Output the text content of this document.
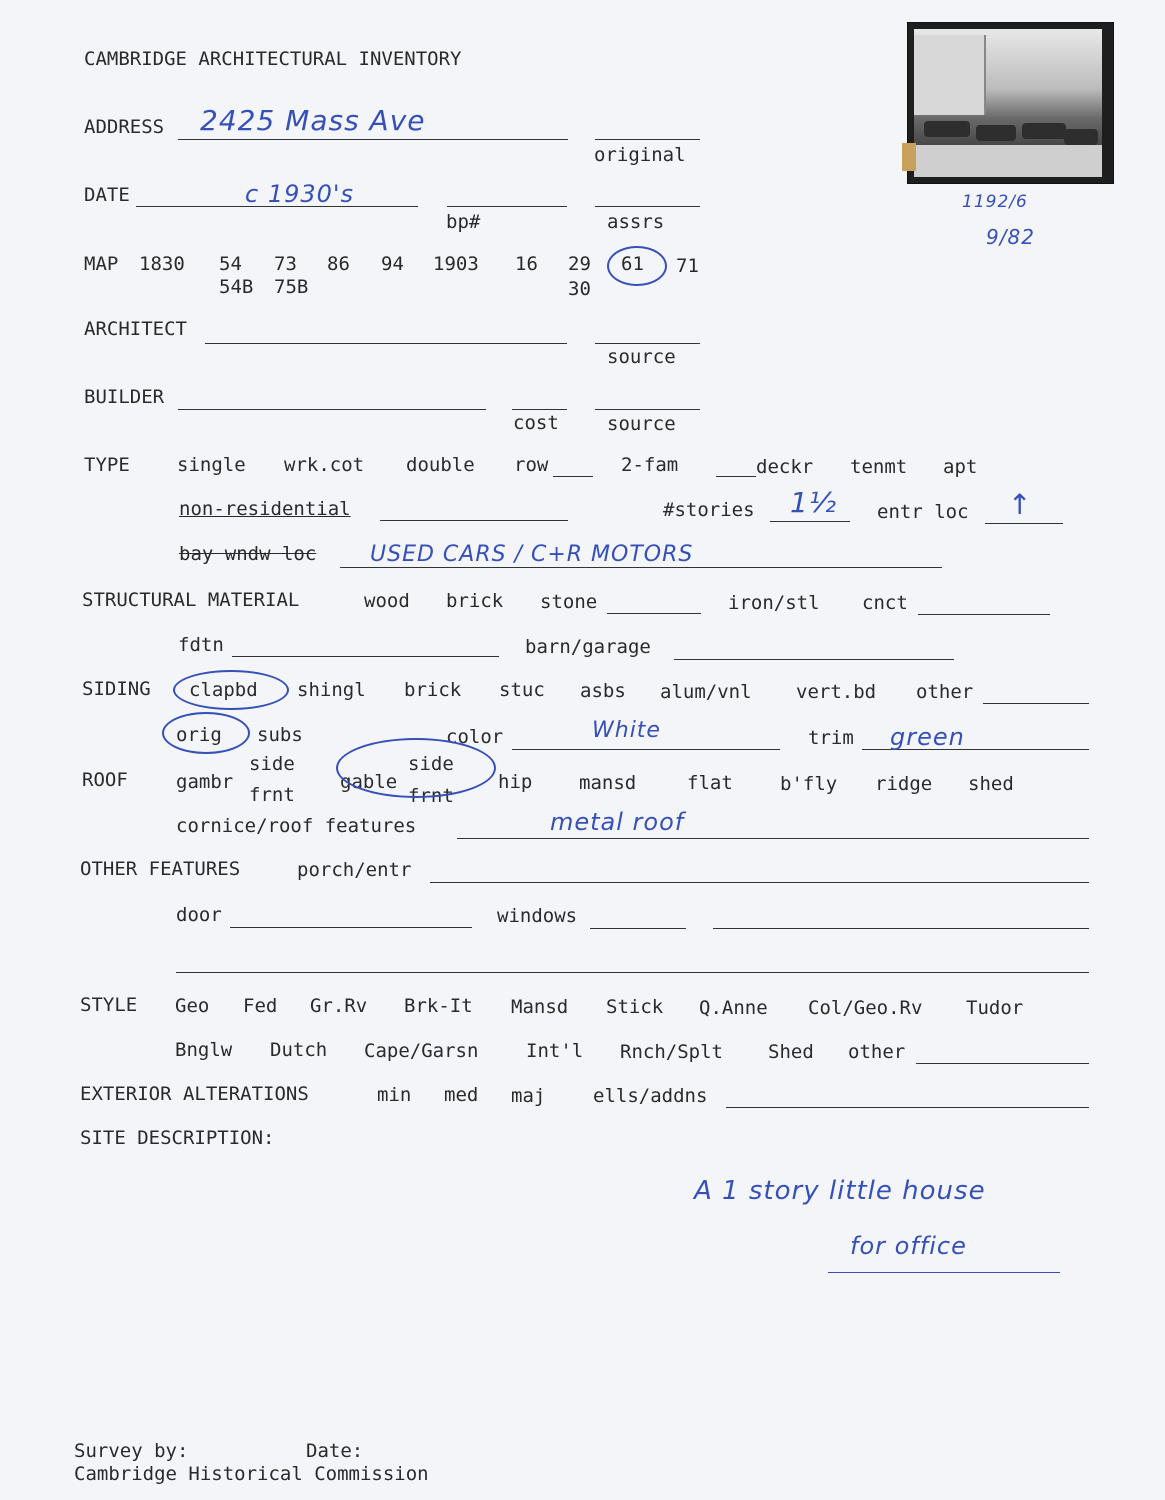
CAMBRIDGE ARCHITECTURAL INVENTORY
ADDRESS 2425 Mass Ave
original
1192/6
9/82
DATE	c 1930's
bp#	assrs
MAP 1830 54 73 86 94 1903 16 29 61 71
54B 75B	30
ARCHITECT
source
BUILDER
cost	source
TYPE single wrk.cot double row	2-fam	deckr tenmt apt
non-residential	#stories 1½ entr loc ↑
bay wndw loc USED CARS / C+R MOTORS
STRUCTURAL MATERIAL	wood brick stone	iron/stl cnct
fdtn	barn/garage
SIDING clapbd shingl brick stuc asbs alum/vnl vert.bd other
orig subs	color	White	trim green
ROOF	gambr
side
frnt
gable
side
frnt
hip mansd	flat b'fly ridge shed
cornice/roof features	metal roof
OTHER FEATURES	porch/entr
door	windows
STYLE Geo Fed Gr.Rv Brk-It Mansd Stick Q.Anne Col/Geo.Rv Tudor
Bnglw Dutch Cape/Garsn	Int'l Rnch/Splt Shed other
EXTERIOR ALTERATIONS	min med maj	ells/addns
SITE DESCRIPTION:
A 1 story little house
for office
Survey by:	Date:
Cambridge Historical Commission
